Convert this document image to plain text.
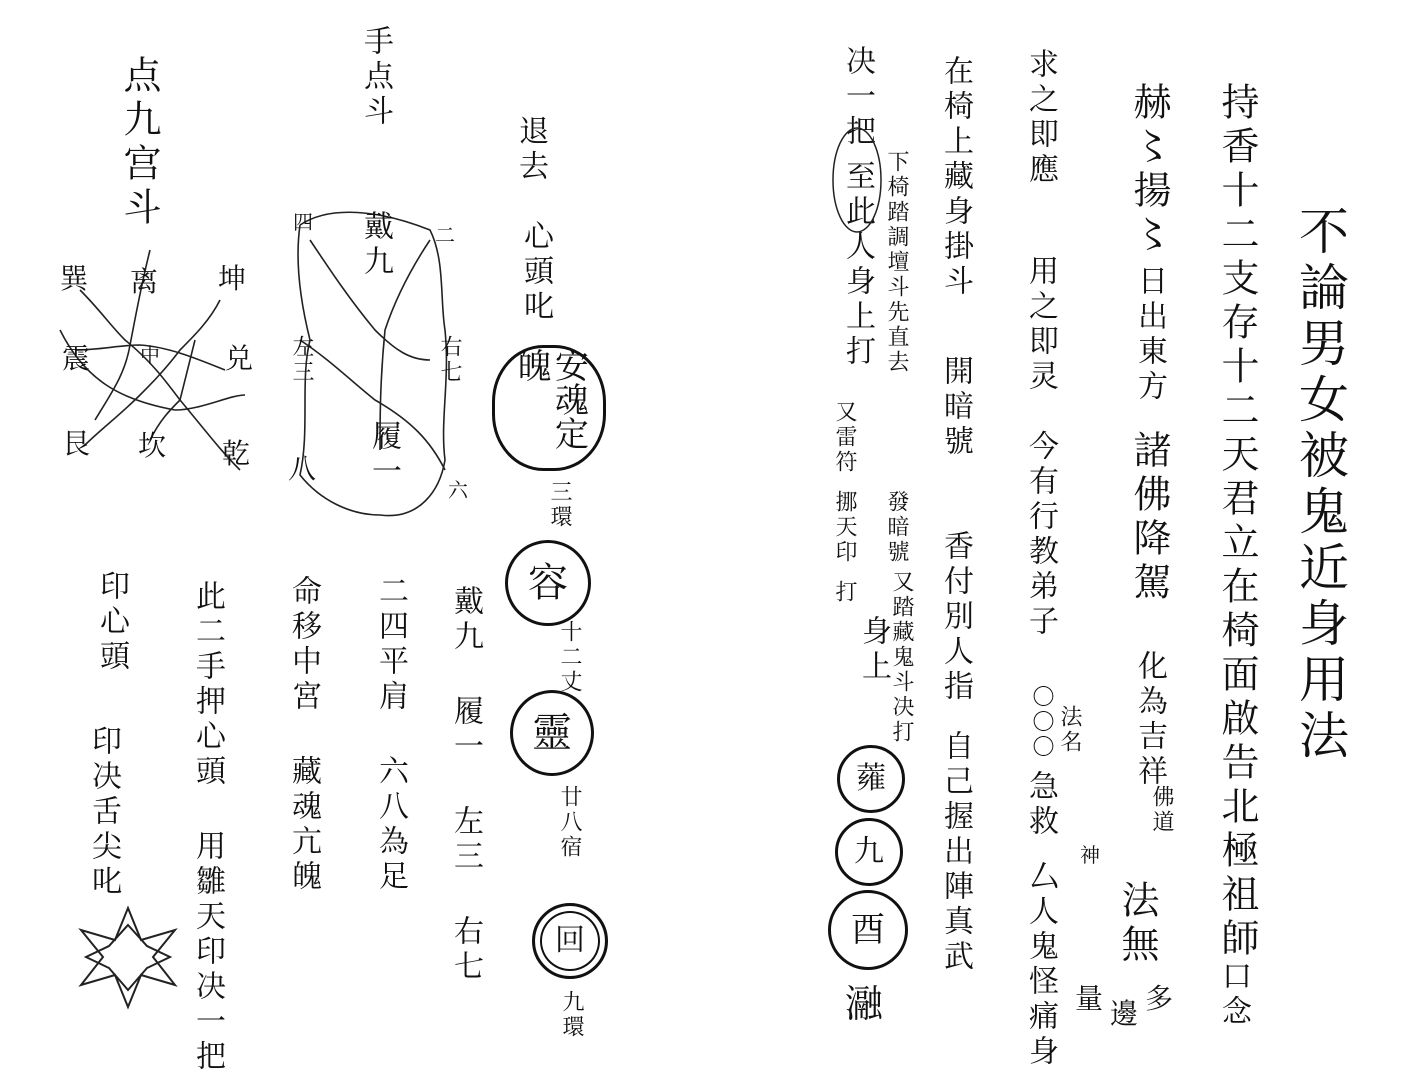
点九宫斗
巽 离 坤
震 中 兑
艮 坎 乾
手点斗
四
二
戴九
左三	右七
八 履一 六
退去
心頭叱
安魂定魄
三環
容
十二丈
靈
廿八宿
回
九環
戴九 履一 左三 右七
二四平肩 六八為足
命移中宮 藏魂亢魄
此二手押心頭 用雛天印决一把
印心頭
印决舌尖叱
不論男女被鬼近身用法
持香十二支存十二天君立在椅面啟告北極祖師
口念
赫〻揚〻
日出東方
諸佛降駕
化為吉祥
佛道
法無
多
神
邊
量
求之即應
用之即灵
今有行教弟子
〇〇〇 法名
急救
厶人鬼怪痛身
在椅上藏身掛斗
開暗號
香付別人指
自己握出陣真武
下椅踏調壇斗先直去
發暗號
又踏藏鬼斗决打
决一把
至此人身上打
又雷符
挪天印
打
身上
蕹
九
酉
瀜
